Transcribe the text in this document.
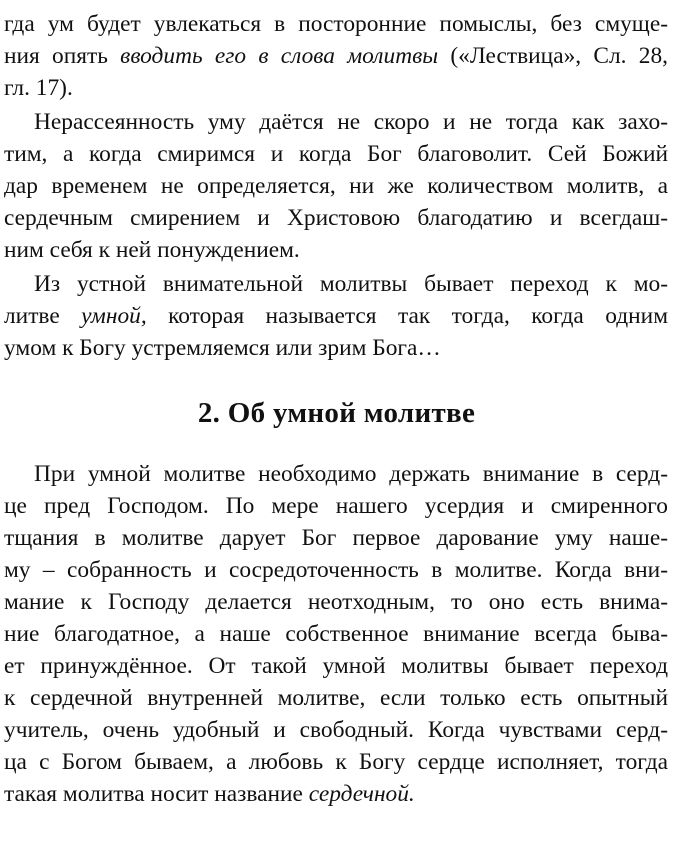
гда ум будет увлекаться в посторонние помыслы, без смуще-
ния опять вводить его в слова молитвы («Лествица», Сл. 28,
гл. 17).
Нерассеянность уму даётся не скоро и не тогда как захо-
тим, а когда смиримся и когда Бог благоволит. Сей Божий
дар временем не определяется, ни же количеством молитв, а
сердечным смирением и Христовою благодатию и всегдаш-
ним себя к ней понуждением.
Из устной внимательной молитвы бывает переход к мо-
литве умной, которая называется так тогда, когда одним
умом к Богу устремляемся или зрим Бога…
2. Об умной молитве
При умной молитве необходимо держать внимание в серд-
це пред Господом. По мере нашего усердия и смиренного
тщания в молитве дарует Бог первое дарование уму наше-
му – собранность и сосредоточенность в молитве. Когда вни-
мание к Господу делается неотходным, то оно есть внима-
ние благодатное, а наше собственное внимание всегда быва-
ет принуждённое. От такой умной молитвы бывает переход
к сердечной внутренней молитве, если только есть опытный
учитель, очень удобный и свободный. Когда чувствами серд-
ца с Богом бываем, а любовь к Богу сердце исполняет, тогда
такая молитва носит название сердечной.
